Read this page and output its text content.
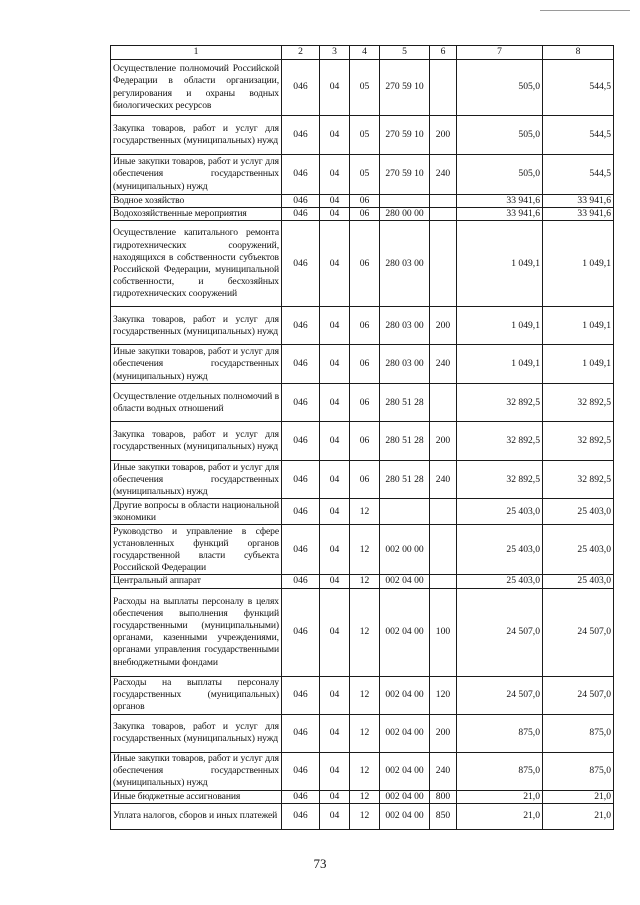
1	2	3	4	5	6	7	8
Осуществление полномочий Российской Федерации в области организации, регулирования и охраны водных биологических ресурсов	046	04	05	270 59 10		505,0	544,5
Закупка товаров, работ и услуг для государственных (муниципальных) нужд	046	04	05	270 59 10	200	505,0	544,5
Иные закупки товаров, работ и услуг для обеспечения государственных (муниципальных) нужд	046	04	05	270 59 10	240	505,0	544,5
Водное хозяйство	046	04	06			33 941,6	33 941,6
Водохозяйственные мероприятия	046	04	06	280 00 00		33 941,6	33 941,6
Осуществление капитального ремонта гидротехнических сооружений, находящихся в собственности субъектов Российской Федерации, муниципальной собственности, и бесхозяйных гидротехнических сооружений	046	04	06	280 03 00		1 049,1	1 049,1
Закупка товаров, работ и услуг для государственных (муниципальных) нужд	046	04	06	280 03 00	200	1 049,1	1 049,1
Иные закупки товаров, работ и услуг для обеспечения государственных (муниципальных) нужд	046	04	06	280 03 00	240	1 049,1	1 049,1
Осуществление отдельных полномочий в области водных отношений	046	04	06	280 51 28		32 892,5	32 892,5
Закупка товаров, работ и услуг для государственных (муниципальных) нужд	046	04	06	280 51 28	200	32 892,5	32 892,5
Иные закупки товаров, работ и услуг для обеспечения государственных (муниципальных) нужд	046	04	06	280 51 28	240	32 892,5	32 892,5
Другие вопросы в области национальной экономики	046	04	12			25 403,0	25 403,0
Руководство и управление в сфере установленных функций органов государственной власти субъекта Российской Федерации	046	04	12	002 00 00		25 403,0	25 403,0
Центральный аппарат	046	04	12	002 04 00		25 403,0	25 403,0
Расходы на выплаты персоналу в целях обеспечения выполнения функций государственными (муниципальными) органами, казенными учреждениями, органами управления государственными внебюджетными фондами	046	04	12	002 04 00	100	24 507,0	24 507,0
Расходы на выплаты персоналу государственных (муниципальных) органов	046	04	12	002 04 00	120	24 507,0	24 507,0
Закупка товаров, работ и услуг для государственных (муниципальных) нужд	046	04	12	002 04 00	200	875,0	875,0
Иные закупки товаров, работ и услуг для обеспечения государственных (муниципальных) нужд	046	04	12	002 04 00	240	875,0	875,0
Иные бюджетные ассигнования	046	04	12	002 04 00	800	21,0	21,0
Уплата налогов, сборов и иных платежей	046	04	12	002 04 00	850	21,0	21,0
73
